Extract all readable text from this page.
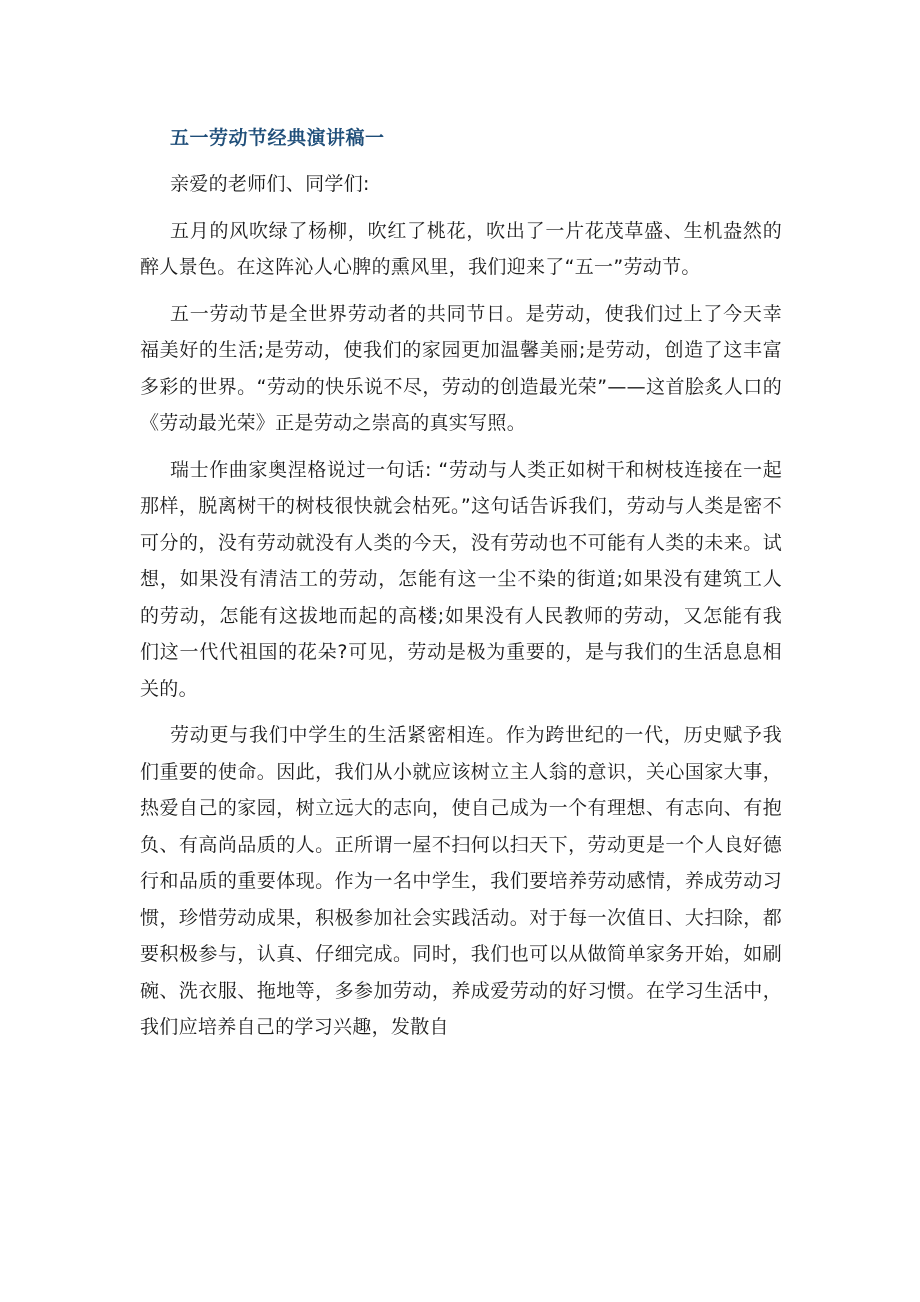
五一劳动节经典演讲稿一

亲爱的老师们、同学们:

五月的风吹绿了杨柳，吹红了桃花，吹出了一片花茂草盛、生机盎然的醉人景色。在这阵沁人心脾的熏风里，我们迎来了“五一”劳动节。

五一劳动节是全世界劳动者的共同节日。是劳动，使我们过上了今天幸福美好的生活;是劳动，使我们的家园更加温馨美丽;是劳动，创造了这丰富多彩的世界。“劳动的快乐说不尽，劳动的创造最光荣”——这首脍炙人口的《劳动最光荣》正是劳动之崇高的真实写照。

瑞士作曲家奥涅格说过一句话: “劳动与人类正如树干和树枝连接在一起那样，脱离树干的树枝很快就会枯死。”这句话告诉我们，劳动与人类是密不可分的，没有劳动就没有人类的今天，没有劳动也不可能有人类的未来。试想，如果没有清洁工的劳动，怎能有这一尘不染的街道;如果没有建筑工人的劳动，怎能有这拔地而起的高楼;如果没有人民教师的劳动，又怎能有我们这一代代祖国的花朵?可见，劳动是极为重要的，是与我们的生活息息相关的。

劳动更与我们中学生的生活紧密相连。作为跨世纪的一代，历史赋予我们重要的使命。因此，我们从小就应该树立主人翁的意识，关心国家大事，热爱自己的家园，树立远大的志向，使自己成为一个有理想、有志向、有抱负、有高尚品质的人。正所谓一屋不扫何以扫天下，劳动更是一个人良好德行和品质的重要体现。作为一名中学生，我们要培养劳动感情，养成劳动习惯，珍惜劳动成果，积极参加社会实践活动。对于每一次值日、大扫除，都要积极参与，认真、仔细完成。同时，我们也可以从做简单家务开始，如刷碗、洗衣服、拖地等，多参加劳动，养成爱劳动的好习惯。在学习生活中，我们应培养自己的学习兴趣，发散自
